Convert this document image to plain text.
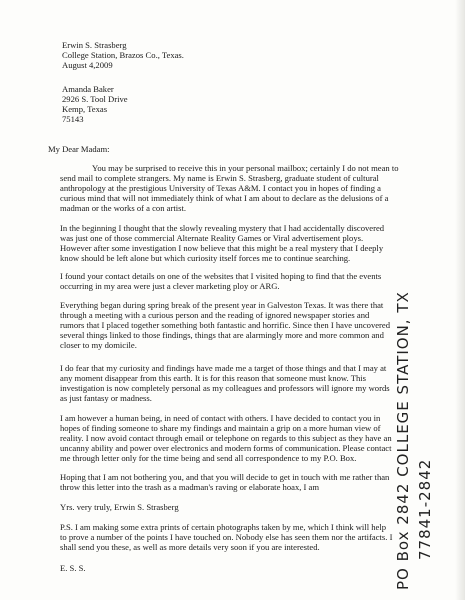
Erwin S. Strasberg
College Station, Brazos Co., Texas.
August 4,2009
Amanda Baker
2926 S. Tool Drive
Kemp, Texas
75143
My Dear Madam:
You may be surprised to receive this in your personal mailbox; certainly I do not mean to
send mail to complete strangers. My name is Erwin S. Strasberg, graduate student of cultural
anthropology at the prestigious University of Texas A&M. I contact you in hopes of finding a
curious mind that will not immediately think of what I am about to declare as the delusions of a
madman or the works of a con artist.
In the beginning I thought that the slowly revealing mystery that I had accidentally discovered
was just one of those commercial Alternate Reality Games or Viral advertisement ploys.
However after some investigation I now believe that this might be a real mystery that I deeply
know should be left alone but which curiosity itself forces me to continue searching.
I found your contact details on one of the websites that I visited hoping to find that the events
occurring in my area were just a clever marketing ploy or ARG.
Everything began during spring break of the present year in Galveston Texas. It was there that
through a meeting with a curious person and the reading of ignored newspaper stories and
rumors that I placed together something both fantastic and horrific. Since then I have uncovered
several things linked to those findings, things that are alarmingly more and more common and
closer to my domicile.
I do fear that my curiosity and findings have made me a target of those things and that I may at
any moment disappear from this earth. It is for this reason that someone must know. This
investigation is now completely personal as my colleagues and professors will ignore my words
as just fantasy or madness.
I am however a human being, in need of contact with others. I have decided to contact you in
hopes of finding someone to share my findings and maintain a grip on a more human view of
reality. I now avoid contact through email or telephone on regards to this subject as they have an
uncanny ability and power over electronics and modern forms of communication. Please contact
me through letter only for the time being and send all correspondence to my P.O. Box.
Hoping that I am not bothering you, and that you will decide to get in touch with me rather than
throw this letter into the trash as a madman's raving or elaborate hoax, I am
Yrs. very truly, Erwin S. Strasberg
P.S. I am making some extra prints of certain photographs taken by me, which I think will help
to prove a number of the points I have touched on. Nobody else has seen them nor the artifacts. I
shall send you these, as well as more details very soon if you are interested.
E. S. S.	PO Box 2842 COLLEGE STATION, TX 77841-2842
